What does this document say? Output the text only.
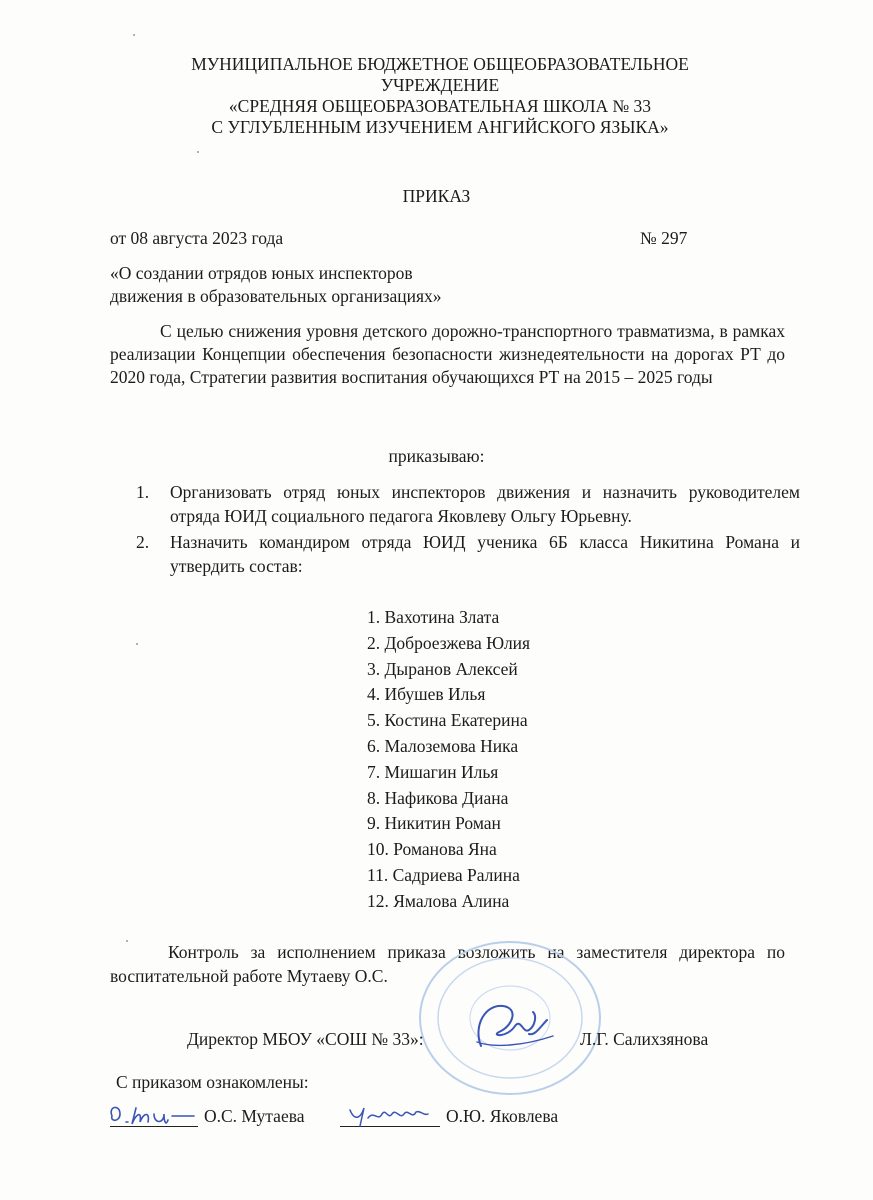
МУНИЦИПАЛЬНОЕ БЮДЖЕТНОЕ ОБЩЕОБРАЗОВАТЕЛЬНОЕ
УЧРЕЖДЕНИЕ
«СРЕДНЯЯ ОБЩЕОБРАЗОВАТЕЛЬНАЯ ШКОЛА № 33
С УГЛУБЛЕННЫМ ИЗУЧЕНИЕМ АНГИЙСКОГО ЯЗЫКА»
ПРИКАЗ
от 08 августа 2023 года	№ 297
«О создании отрядов юных инспекторов
движения в образовательных организациях»
С целью снижения уровня детского дорожно-транспортного травматизма, в рамках реализации Концепции обеспечения безопасности жизнедеятельности на дорогах РТ до 2020 года, Стратегии развития воспитания обучающихся РТ на 2015 – 2025 годы
приказываю:
1. Организовать отряд юных инспекторов движения и назначить руководителем отряда ЮИД социального педагога Яковлеву Ольгу Юрьевну.
2. Назначить командиром отряда ЮИД ученика 6Б класса Никитина Романа и утвердить состав:
1. Вахотина Злата
2. Доброезжева Юлия
3. Дыранов Алексей
4. Ибушев Илья
5. Костина Екатерина
6. Малоземова Ника
7. Мишагин Илья
8. Нафикова Диана
9. Никитин Роман
10. Романова Яна
11. Садриева Ралина
12. Ямалова Алина
Контроль за исполнением приказа возложить на заместителя директора по воспитательной работе Мутаеву О.С.
Директор МБОУ «СОШ № 33»:	Л.Г. Салихзянова
С приказом ознакомлены:
О.С. Мутаева	О.Ю. Яковлева
